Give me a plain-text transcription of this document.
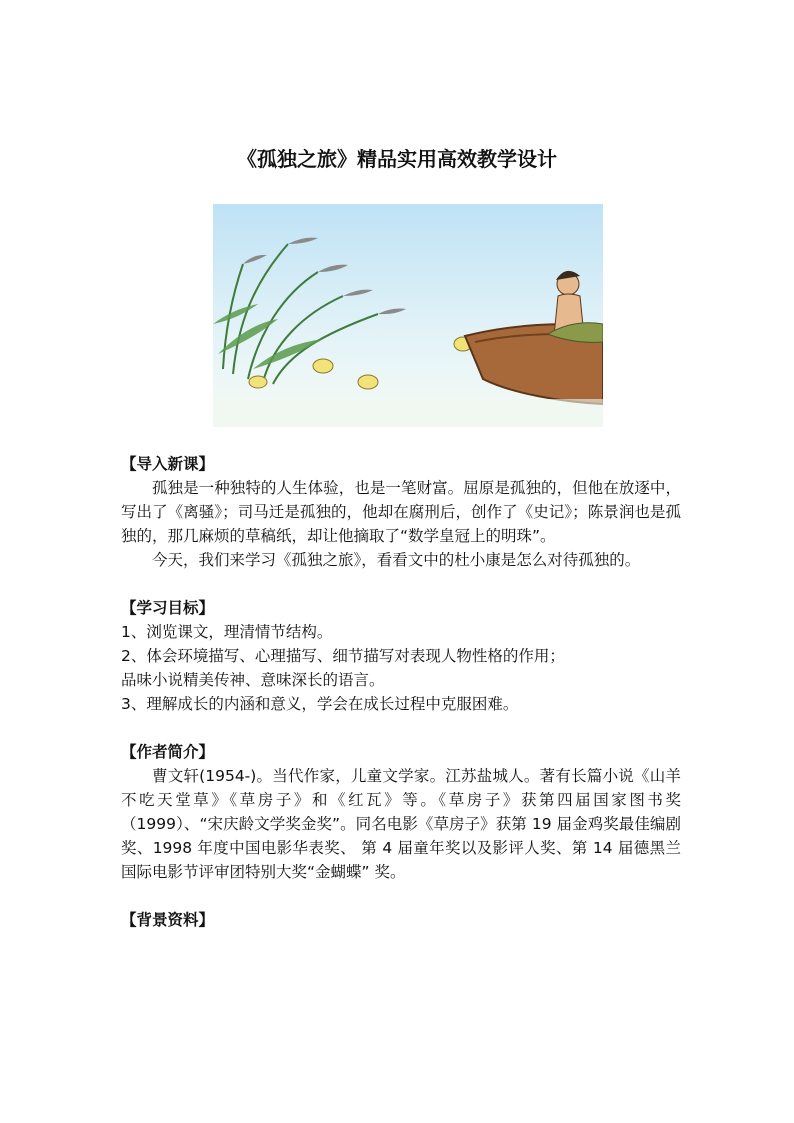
《孤独之旅》精品实用高效教学设计

【导入新课】

孤独是一种独特的人生体验，也是一笔财富。屈原是孤独的，但他在放逐中，写出了《离骚》；司马迁是孤独的，他却在腐刑后，创作了《史记》；陈景润也是孤独的，那几麻烦的草稿纸，却让他摘取了“数学皇冠上的明珠”。

今天，我们来学习《孤独之旅》，看看文中的杜小康是怎么对待孤独的。

【学习目标】

1、浏览课文，理清情节结构。

2、体会环境描写、心理描写、细节描写对表现人物性格的作用；

品味小说精美传神、意味深长的语言。

3、理解成长的内涵和意义，学会在成长过程中克服困难。

【作者简介】

曹文轩(1954-)。当代作家，儿童文学家。江苏盐城人。著有长篇小说《山羊不吃天堂草》《草房子》和《红瓦》等。《草房子》获第四届国家图书奖（1999）、“宋庆龄文学奖金奖”。同名电影《草房子》获第 19 届金鸡奖最佳编剧奖、1998 年度中国电影华表奖、 第 4 届童年奖以及影评人奖、第 14 届德黑兰国际电影节评审团特别大奖“金蝴蝶” 奖。

【背景资料】
